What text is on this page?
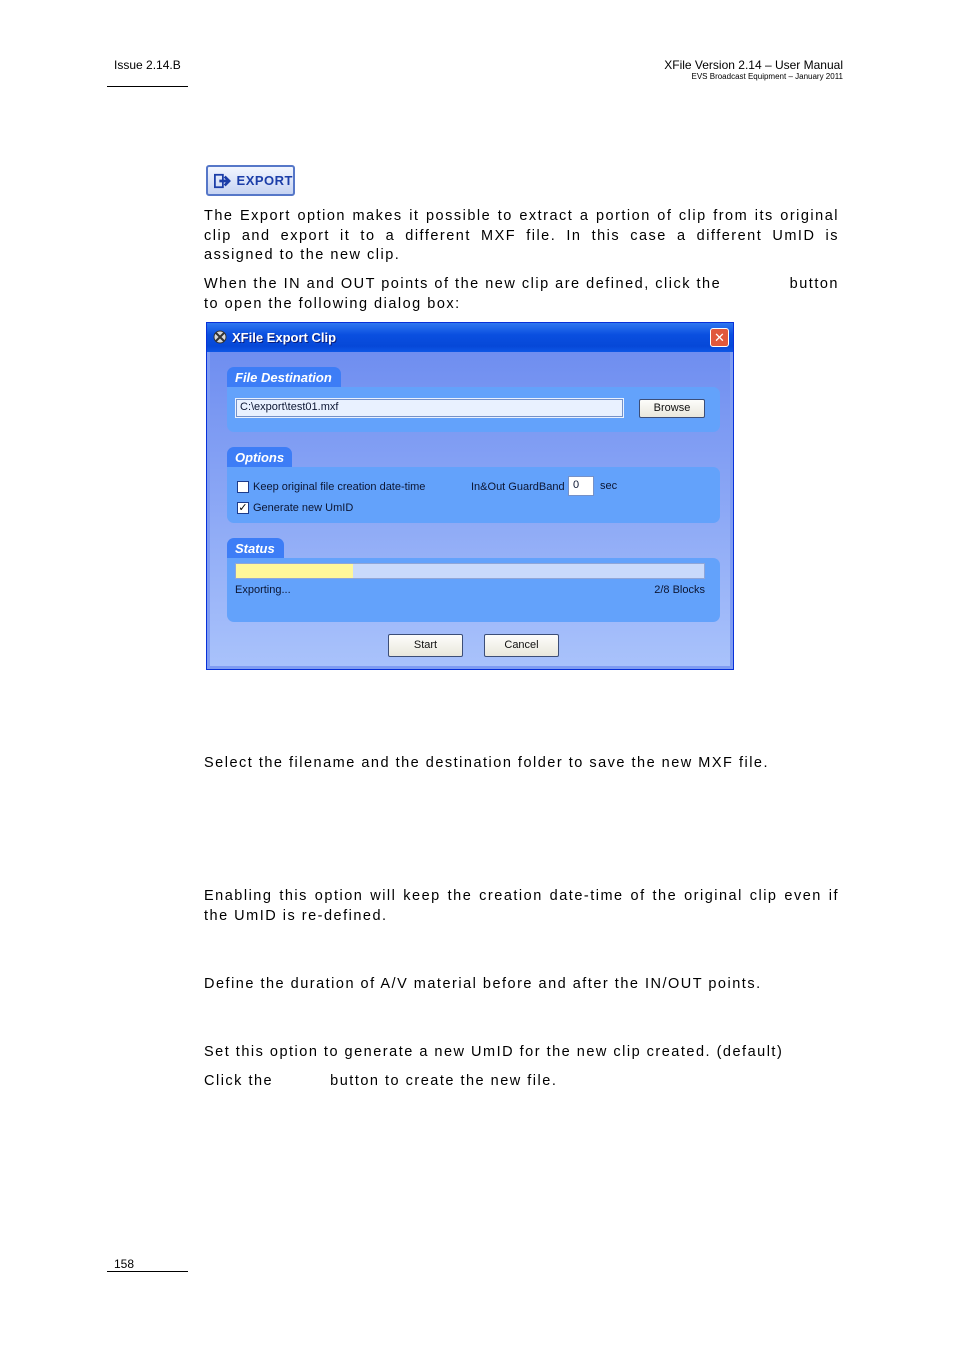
Issue 2.14.B	XFile Version 2.14 – User Manual
EVS Broadcast Equipment – January 2011
EXPORT
The Export option makes it possible to extract a portion of clip from its original clip and export it to a different MXF file. In this case a different UmID is assigned to the new clip.
When the IN and OUT points of the new clip are defined, click the	button
to open the following dialog box:
XFile Export Clip	✕
File Destination
C:\export\test01.mxf	Browse
Options
Keep original file creation date-time	In&Out GuardBand 0	sec
✓ Generate new UmID
Status
Exporting...	2/8 Blocks
Start	Cancel
Select the filename and the destination folder to save the new MXF file.
Enabling this option will keep the creation date-time of the original clip even if the UmID is re-defined.
Define the duration of A/V material before and after the IN/OUT points.
Set this option to generate a new UmID for the new clip created. (default)
Click the	button to create the new file.
158
